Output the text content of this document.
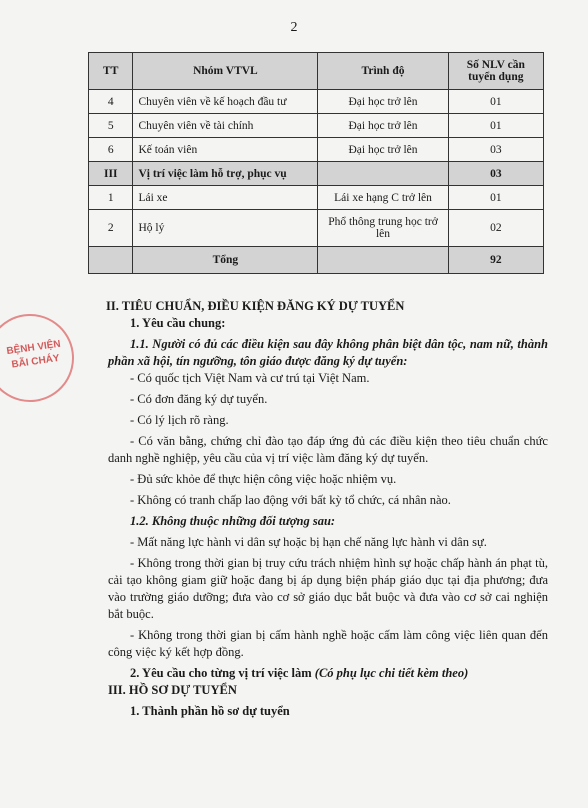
2
TT	Nhóm VTVL	Trình độ	Số NLV cần tuyển dụng
4	Chuyên viên về kế hoạch đầu tư	Đại học trở lên	01
5	Chuyên viên về tài chính	Đại học trở lên	01
6	Kế toán viên	Đại học trở lên	03
III	Vị trí việc làm hỗ trợ, phục vụ		03
1	Lái xe	Lái xe hạng C trở lên	01
2	Hộ lý	Phổ thông trung học trở lên	02
	Tổng		92
BỆNH VIỆN
BÃI CHÁY

II. TIÊU CHUẨN, ĐIỀU KIỆN ĐĂNG KÝ DỰ TUYỂN

1. Yêu cầu chung:

1.1. Người có đủ các điều kiện sau đây không phân biệt dân tộc, nam nữ, thành phần xã hội, tín ngưỡng, tôn giáo được đăng ký dự tuyển:

- Có quốc tịch Việt Nam và cư trú tại Việt Nam.

- Có đơn đăng ký dự tuyển.

- Có lý lịch rõ ràng.

- Có văn bằng, chứng chỉ đào tạo đáp ứng đủ các điều kiện theo tiêu chuẩn chức danh nghề nghiệp, yêu cầu của vị trí việc làm đăng ký dự tuyển.

- Đủ sức khỏe để thực hiện công việc hoặc nhiệm vụ.

- Không có tranh chấp lao động với bất kỳ tổ chức, cá nhân nào.

1.2. Không thuộc những đối tượng sau:

- Mất năng lực hành vi dân sự hoặc bị hạn chế năng lực hành vi dân sự.

- Không trong thời gian bị truy cứu trách nhiệm hình sự hoặc chấp hành án phạt tù, cải tạo không giam giữ hoặc đang bị áp dụng biện pháp giáo dục tại địa phương; đưa vào trường giáo dưỡng; đưa vào cơ sở giáo dục bắt buộc và đưa vào cơ sở cai nghiện bắt buộc.

- Không trong thời gian bị cấm hành nghề hoặc cấm làm công việc liên quan đến công việc ký kết hợp đồng.

2. Yêu cầu cho từng vị trí việc làm (Có phụ lục chi tiết kèm theo)

III. HỒ SƠ DỰ TUYỂN

1. Thành phần hồ sơ dự tuyển
